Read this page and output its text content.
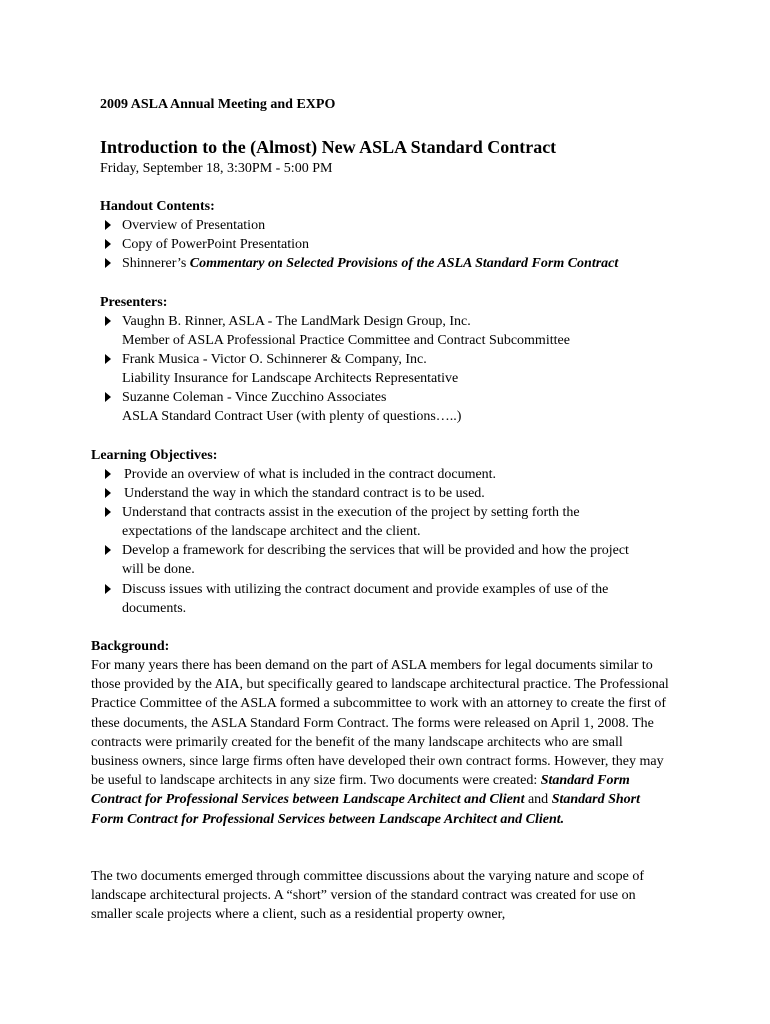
2009 ASLA Annual Meeting and EXPO
Introduction to the (Almost) New ASLA Standard Contract
Friday, September 18, 3:30PM - 5:00 PM
Handout Contents:
Overview of Presentation
Copy of PowerPoint Presentation
Shinnerer’s Commentary on Selected Provisions of the ASLA Standard Form Contract
Presenters:
Vaughn B. Rinner, ASLA - The LandMark Design Group, Inc.
Member of ASLA Professional Practice Committee and Contract Subcommittee
Frank Musica - Victor O. Schinnerer & Company, Inc.
Liability Insurance for Landscape Architects Representative
Suzanne Coleman - Vince Zucchino Associates
ASLA Standard Contract User (with plenty of questions…..)
Learning Objectives:
Provide an overview of what is included in the contract document.
Understand the way in which the standard contract is to be used.
Understand that contracts assist in the execution of the project by setting forth the expectations of the landscape architect and the client.
Develop a framework for describing the services that will be provided and how the project will be done.
Discuss issues with utilizing the contract document and provide examples of use of the documents.
Background:
For many years there has been demand on the part of ASLA members for legal documents similar to those provided by the AIA, but specifically geared to landscape architectural practice. The Professional Practice Committee of the ASLA formed a subcommittee to work with an attorney to create the first of these documents, the ASLA Standard Form Contract. The forms were released on April 1, 2008. The contracts were primarily created for the benefit of the many landscape architects who are small business owners, since large firms often have developed their own contract forms. However, they may be useful to landscape architects in any size firm. Two documents were created: Standard Form Contract for Professional Services between Landscape Architect and Client and Standard Short Form Contract for Professional Services between Landscape Architect and Client.
The two documents emerged through committee discussions about the varying nature and scope of landscape architectural projects. A “short” version of the standard contract was created for use on smaller scale projects where a client, such as a residential property owner,
